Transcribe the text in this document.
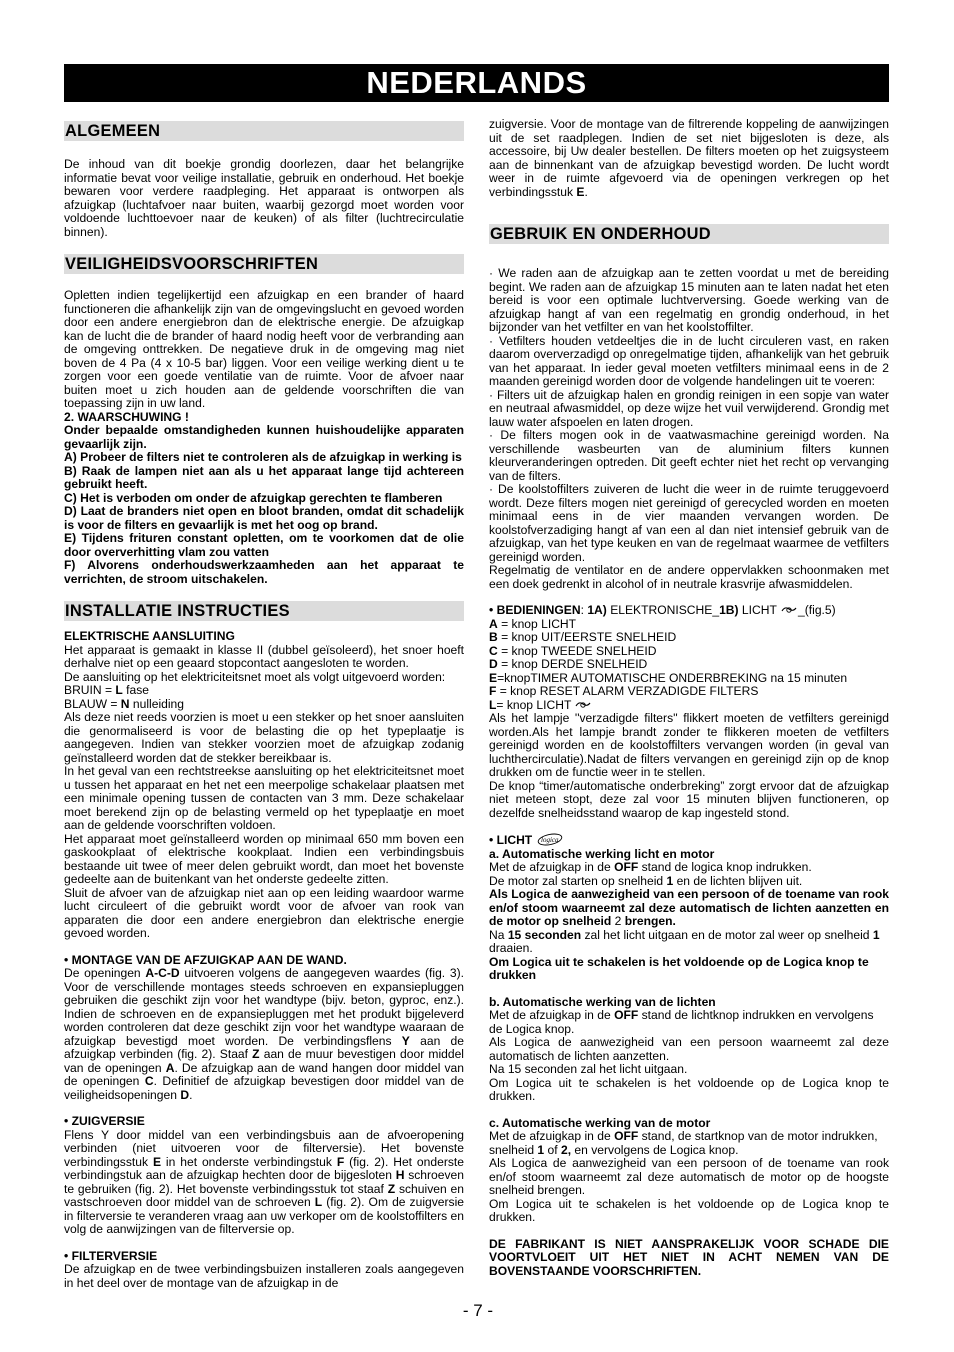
NEDERLANDS
ALGEMEEN

De inhoud van dit boekje grondig doorlezen, daar het belangrijke informatie bevat voor veilige installatie, gebruik en onderhoud. Het boekje bewaren voor verdere raadpleging. Het apparaat is ontworpen als afzuigkap (luchtafvoer naar buiten, waarbij gezorgd moet worden voor voldoende luchttoevoer naar de keuken) of als filter (luchtrecirculatie binnen).

VEILIGHEIDSVOORSCHRIFTEN

Opletten indien tegelijkertijd een afzuigkap en een brander of haard functioneren die afhankelijk zijn van de omgevingslucht en gevoed worden door een andere energiebron dan de elektrische energie. De afzuigkap kan de lucht die de brander of haard nodig heeft voor de verbranding aan de omgeving onttrekken. De negatieve druk in de omgeving mag niet boven de 4 Pa (4 x 10-5 bar) liggen. Voor een veilige werking dient u te zorgen voor een goede ventilatie van de ruimte. Voor de afvoer naar buiten moet u zich houden aan de geldende voorschriften die van toepassing zijn in uw land.

2. WAARSCHUWING !

Onder bepaalde omstandigheden kunnen huishoudelijke apparaten gevaarlijk zijn.

A) Probeer de filters niet te controleren als de afzuigkap in werking is

B) Raak de lampen niet aan als u het apparaat lange tijd achtereen gebruikt heeft.

C) Het is verboden om onder de afzuigkap gerechten te flamberen

D) Laat de branders niet open en bloot branden, omdat dit schadelijk is voor de filters en gevaarlijk is met het oog op brand.

E) Tijdens frituren constant opletten, om te voorkomen dat de olie door oververhitting vlam zou vatten

F) Alvorens onderhoudswerkzaamheden aan het apparaat te verrichten, de stroom uitschakelen.

INSTALLATIE INSTRUCTIES

ELEKTRISCHE AANSLUITING

Het apparaat is gemaakt in klasse II (dubbel geïsoleerd), het snoer hoeft derhalve niet op een geaard stopcontact aangesloten te worden.

De aansluiting op het elektriciteitsnet moet als volgt uitgevoerd worden:

BRUIN = L fase

BLAUW = N nulleiding

Als deze niet reeds voorzien is moet u een stekker op het snoer aansluiten die genormaliseerd is voor de belasting die op het typeplaatje is aangegeven. Indien van stekker voorzien moet de afzuigkap zodanig geïnstalleerd worden dat de stekker bereikbaar is.

In het geval van een rechtstreekse aansluiting op het elektriciteitsnet moet u tussen het apparaat en het net een meerpolige schakelaar plaatsen met een minimale opening tussen de contacten van 3 mm. Deze schakelaar moet berekend zijn op de belasting vermeld op het typeplaatje en moet aan de geldende voorschriften voldoen.

Het apparaat moet geïnstalleerd worden op minimaal 650 mm boven een gaskookplaat of elektrische kookplaat. Indien een verbindingsbuis bestaande uit twee of meer delen gebruikt wordt, dan moet het bovenste gedeelte aan de buitenkant van het onderste gedeelte zitten.

Sluit de afvoer van de afzuigkap niet aan op een leiding waardoor warme lucht circuleert of die gebruikt wordt voor de afvoer van rook van apparaten die door een andere energiebron dan elektrische energie gevoed worden.

• MONTAGE VAN DE AFZUIGKAP AAN DE WAND.

De openingen A-C-D uitvoeren volgens de aangegeven waardes (fig. 3). Voor de verschillende montages steeds schroeven en expansiepluggen gebruiken die geschikt zijn voor het wandtype (bijv. beton, gyproc, enz.). Indien de schroeven en de expansiepluggen met het produkt bijgeleverd worden controleren dat deze geschikt zijn voor het wandtype waaraan de afzuigkap bevestigd moet worden. De verbindingsflens Y aan de afzuigkap verbinden (fig. 2). Staaf Z aan de muur bevestigen door middel van de openingen A. De afzuigkap aan de wand hangen door middel van de openingen C. Definitief de afzuigkap bevestigen door middel van de veiligheidsopeningen D.

• ZUIGVERSIE

Flens Y door middel van een verbindingsbuis aan de afvoeropening verbinden (niet uitvoeren voor de filterversie). Het bovenste verbindingsstuk E in het onderste verbindingstuk F (fig. 2). Het onderste verbindingstuk aan de afzuigkap hechten door de bijgesloten H schroeven te gebruiken (fig. 2). Het bovenste verbindingsstuk tot staaf Z schuiven en vastschroeven door middel van de schroeven L (fig. 2). Om de zuigversie in filterversie te veranderen vraag aan uw verkoper om de koolstoffilters en volg de aanwijzingen van de filterversie op.

• FILTERVERSIE

De afzuigkap en de twee verbindingsbuizen installeren zoals aangegeven in het deel over de montage van de afzuigkap in de

zuigversie. Voor de montage van de filtrerende koppeling de aanwijzingen uit de set raadplegen. Indien de set niet bijgesloten is deze, als accessoire, bij Uw dealer bestellen. De filters moeten op het zuigsysteem aan de binnenkant van de afzuigkap bevestigd worden. De lucht wordt weer in de ruimte afgevoerd via de openingen verkregen op het verbindingsstuk E.

GEBRUIK EN ONDERHOUD

· We raden aan de afzuigkap aan te zetten voordat u met de bereiding begint. We raden aan de afzuigkap 15 minuten aan te laten nadat het eten bereid is voor een optimale luchtverversing. Goede werking van de afzuigkap hangt af van een regelmatig en grondig onderhoud, in het bijzonder van het vetfilter en van het koolstoffilter.

· Vetfilters houden vetdeeltjes die in de lucht circuleren vast, en raken daarom oververzadigd op onregelmatige tijden, afhankelijk van het gebruik van het apparaat. In ieder geval moeten vetfilters minimaal eens in de 2 maanden gereinigd worden door de volgende handelingen uit te voeren:

· Filters uit de afzuigkap halen en grondig reinigen in een sopje van water en neutraal afwasmiddel, op deze wijze het vuil verwijderend. Grondig met lauw water afspoelen en laten drogen.

· De filters mogen ook in de vaatwasmachine gereinigd worden. Na verschillende wasbeurten van de aluminium filters kunnen kleurveranderingen optreden. Dit geeft echter niet het recht op vervanging van de filters.

· De koolstoffilters zuiveren de lucht die weer in de ruimte teruggevoerd wordt. Deze filters mogen niet gereinigd of gerecycled worden en moeten minimaal eens in de vier maanden vervangen worden. De koolstofverzadiging hangt af van een al dan niet intensief gebruik van de afzuigkap, van het type keuken en van de regelmaat waarmee de vetfilters gereinigd worden.

Regelmatig de ventilator en de andere oppervlakken schoonmaken met een doek gedrenkt in alcohol of in neutrale krasvrije afwasmiddelen.

• BEDIENINGEN: 1A) ELEKTRONISCHE_1B) LICHT _(fig.5)

A = knop LICHT

B = knop UIT/EERSTE SNELHEID

C = knop TWEEDE SNELHEID

D = knop DERDE SNELHEID

E=knopTIMER AUTOMATISCHE ONDERBREKING na 15 minuten

F = knop RESET ALARM VERZADIGDE FILTERS

L= knop LICHT

Als het lampje ''verzadigde filters'' flikkert moeten de vetfilters gereinigd worden.Als het lampje brandt zonder te flikkeren moeten de vetfilters gereinigd worden en de koolstoffilters vervangen worden (in geval van luchthercirculatie).Nadat de filters vervangen en gereinigd zijn op de knop drukken om de functie weer in te stellen.

De knop “timer/automatische onderbreking” zorgt ervoor dat de afzuigkap niet meteen stopt, deze zal voor 15 minuten blijven functioneren, op dezelfde snelheidsstand waarop de kap ingesteld stond.

• LICHT logica

a. Automatische werking licht en motor

Met de afzuigkap in de OFF stand de logica knop indrukken.

De motor zal starten op snelheid 1 en de lichten blijven uit.

Als Logica de aanwezigheid van een persoon of de toename van rook en/of stoom waarneemt zal deze automatisch de lichten aanzetten en de motor op snelheid 2 brengen.

Na 15 seconden zal het licht uitgaan en de motor zal weer op snelheid 1 draaien.

Om Logica uit te schakelen is het voldoende op de Logica knop te drukken

b. Automatische werking van de lichten

Met de afzuigkap in de OFF stand de lichtknop indrukken en vervolgens de Logica knop.

Als Logica de aanwezigheid van een persoon waarneemt zal deze automatisch de lichten aanzetten.

Na 15 seconden zal het licht uitgaan.

Om Logica uit te schakelen is het voldoende op de Logica knop te drukken.

c. Automatische werking van de motor

Met de afzuigkap in de OFF stand, de startknop van de motor indrukken, snelheid 1 of 2, en vervolgens de Logica knop.

Als Logica de aanwezigheid van een persoon of de toename van rook en/of stoom waarneemt zal deze automatisch de motor op de hoogste snelheid brengen.

Om Logica uit te schakelen is het voldoende op de Logica knop te drukken.

DE FABRIKANT IS NIET AANSPRAKELIJK VOOR SCHADE DIE VOORTVLOEIT UIT HET NIET IN ACHT NEMEN VAN DE BOVENSTAANDE VOORSCHRIFTEN.

- 7 -
